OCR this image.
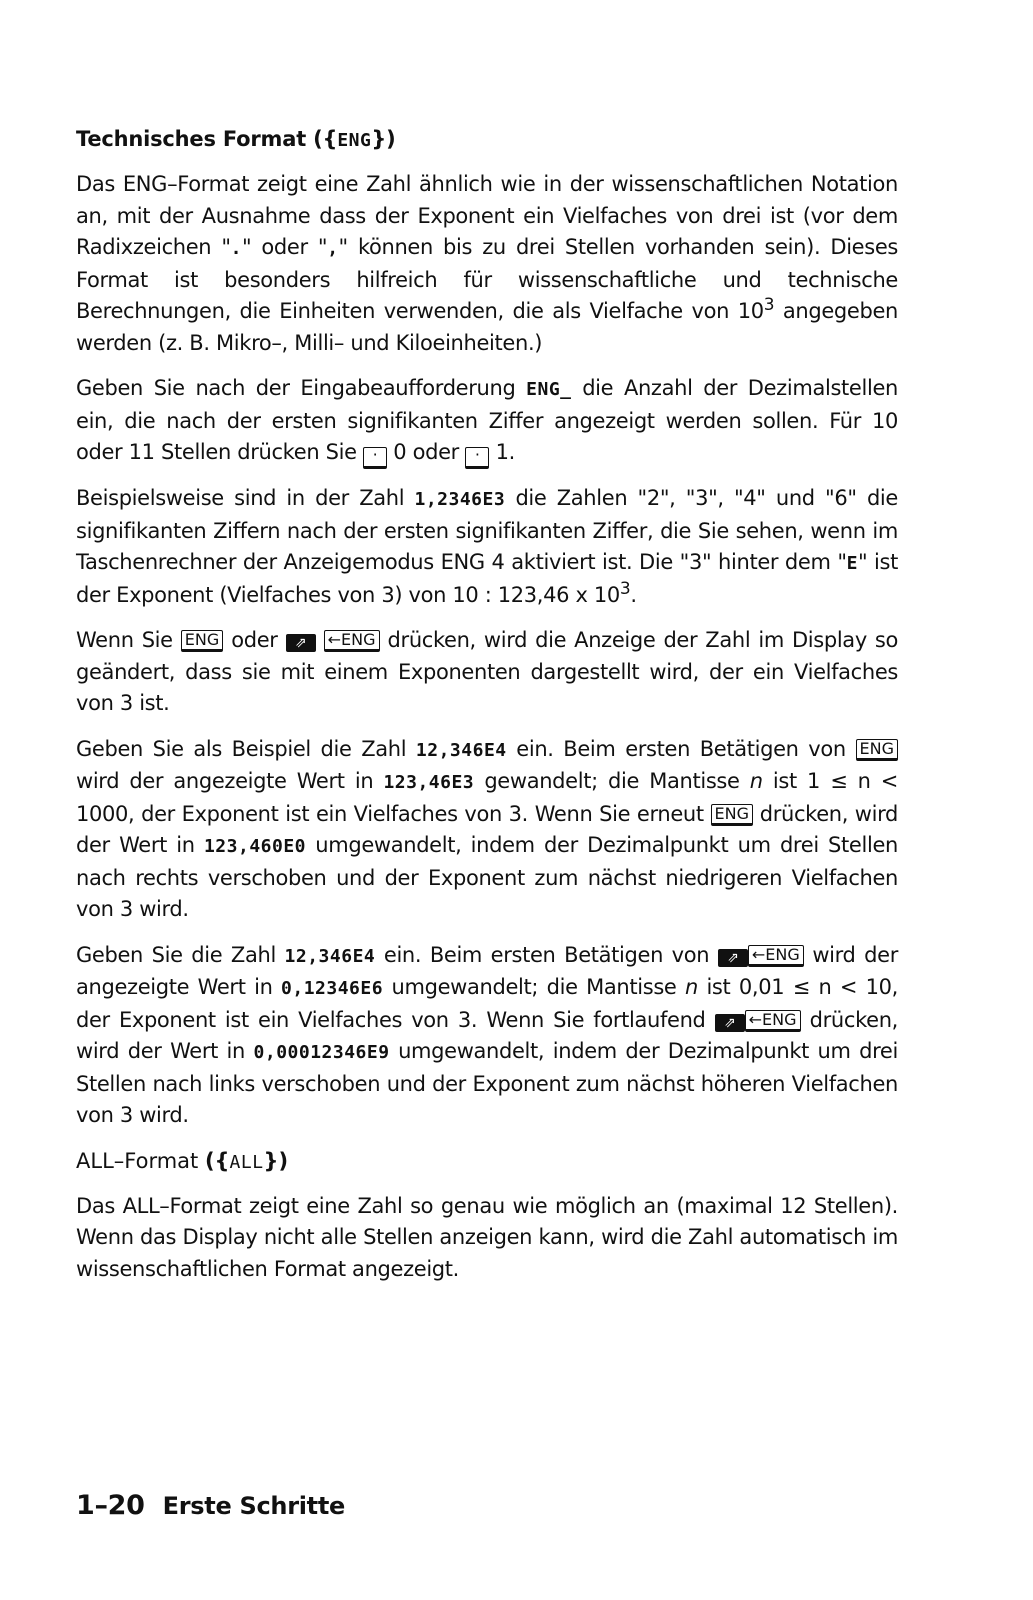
Technisches Format ({ENG})

Das ENG–Format zeigt eine Zahl ähnlich wie in der wissenschaftlichen Notation an, mit der Ausnahme dass der Exponent ein Vielfaches von drei ist (vor dem Radixzeichen "." oder "," können bis zu drei Stellen vorhanden sein). Dieses Format ist besonders hilfreich für wissenschaftliche und technische Berechnungen, die Einheiten verwenden, die als Vielfache von $10^3$ angegeben werden (z. B. Mikro–, Milli– und Kiloeinheiten.)

Geben Sie nach der Eingabeaufforderung ENG_ die Anzahl der Dezimalstellen ein, die nach der ersten signifikanten Ziffer angezeigt werden sollen. Für 10 oder 11 Stellen drücken Sie · 0 oder · 1.

Beispielsweise sind in der Zahl 1,2346E3 die Zahlen "2", "3", "4" und "6" die signifikanten Ziffern nach der ersten signifikanten Ziffer, die Sie sehen, wenn im Taschenrechner der Anzeigemodus ENG 4 aktiviert ist. Die "3" hinter dem "E" ist der Exponent (Vielfaches von 3) von 10 : 123,46 x $10^3$.

Wenn Sie ENG oder ⇗ ←ENG drücken, wird die Anzeige der Zahl im Display so geändert, dass sie mit einem Exponenten dargestellt wird, der ein Vielfaches von 3 ist.

Geben Sie als Beispiel die Zahl 12,346E4 ein. Beim ersten Betätigen von ENG wird der angezeigte Wert in 123,46E3 gewandelt; die Mantisse n ist 1 ≤ n < 1000, der Exponent ist ein Vielfaches von 3. Wenn Sie erneut ENG drücken, wird der Wert in 123,460E0 umgewandelt, indem der Dezimalpunkt um drei Stellen nach rechts verschoben und der Exponent zum nächst niedrigeren Vielfachen von 3 wird.

Geben Sie die Zahl 12,346E4 ein. Beim ersten Betätigen von ⇗ ←ENG wird der angezeigte Wert in 0,12346E6 umgewandelt; die Mantisse n ist 0,01 ≤ n < 10, der Exponent ist ein Vielfaches von 3. Wenn Sie fortlaufend ⇗ ←ENG drücken, wird der Wert in 0,0001234​6E9 umgewandelt, indem der Dezimalpunkt um drei Stellen nach links verschoben und der Exponent zum nächst höheren Vielfachen von 3 wird.

ALL–Format ({ALL})

Das ALL–Format zeigt eine Zahl so genau wie möglich an (maximal 12 Stellen). Wenn das Display nicht alle Stellen anzeigen kann, wird die Zahl automatisch im wissenschaftlichen Format angezeigt.

1–20 Erste Schritte
